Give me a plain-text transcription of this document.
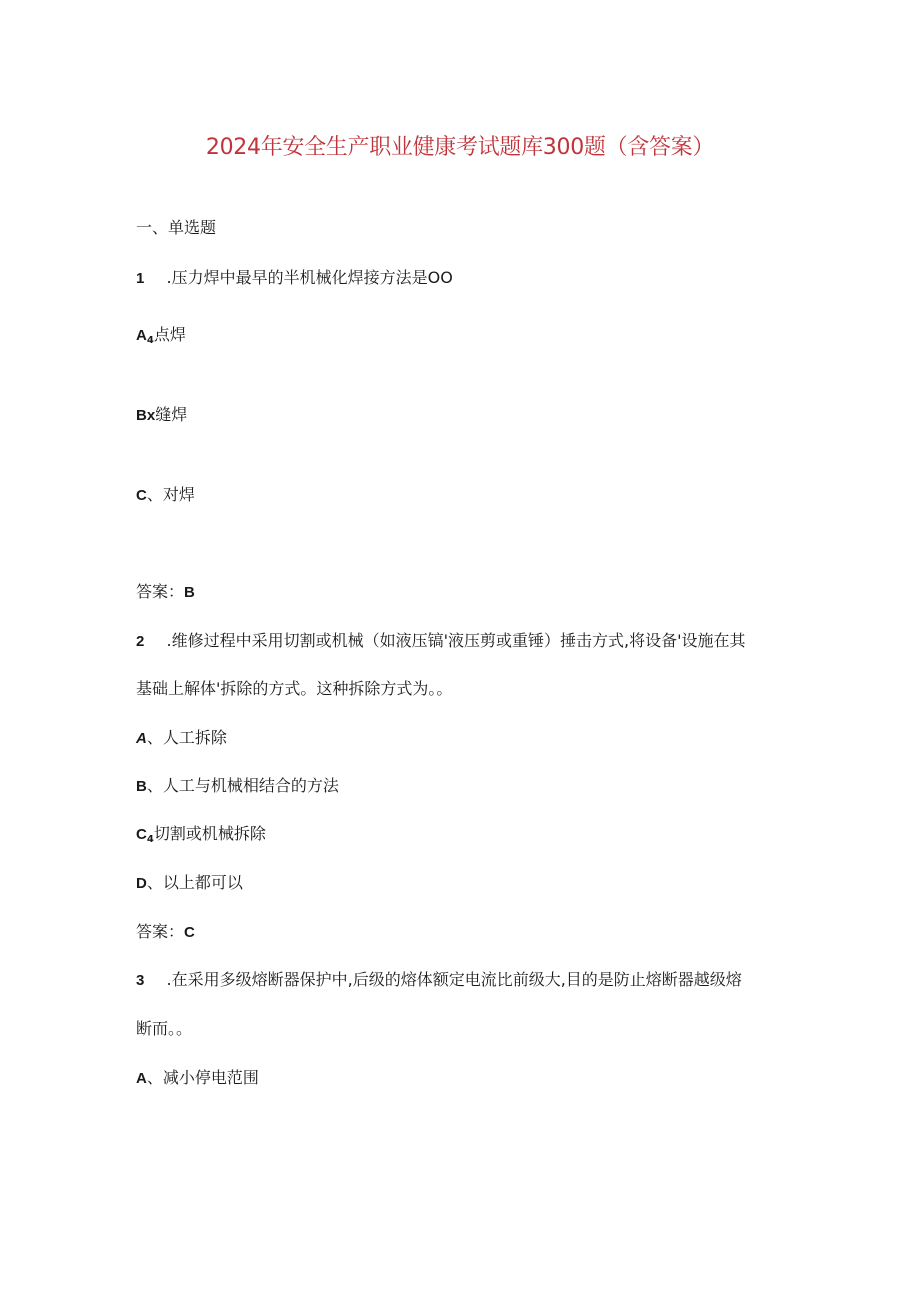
2024年安全生产职业健康考试题库300题（含答案）
一、单选题
1 .压力焊中最早的半机械化焊接方法是OO
A4点焊
Bx缝焊
C、对焊
答案：B
2 .维修过程中采用切割或机械（如液压镐'液压剪或重锤）捶击方式,将设备'设施在其
基础上解体'拆除的方式。这种拆除方式为。。
A、人工拆除
B、人工与机械相结合的方法
C4切割或机械拆除
D、以上都可以
答案：C
3 .在采用多级熔断器保护中,后级的熔体额定电流比前级大,目的是防止熔断器越级熔
断而。。
A、减小停电范围
